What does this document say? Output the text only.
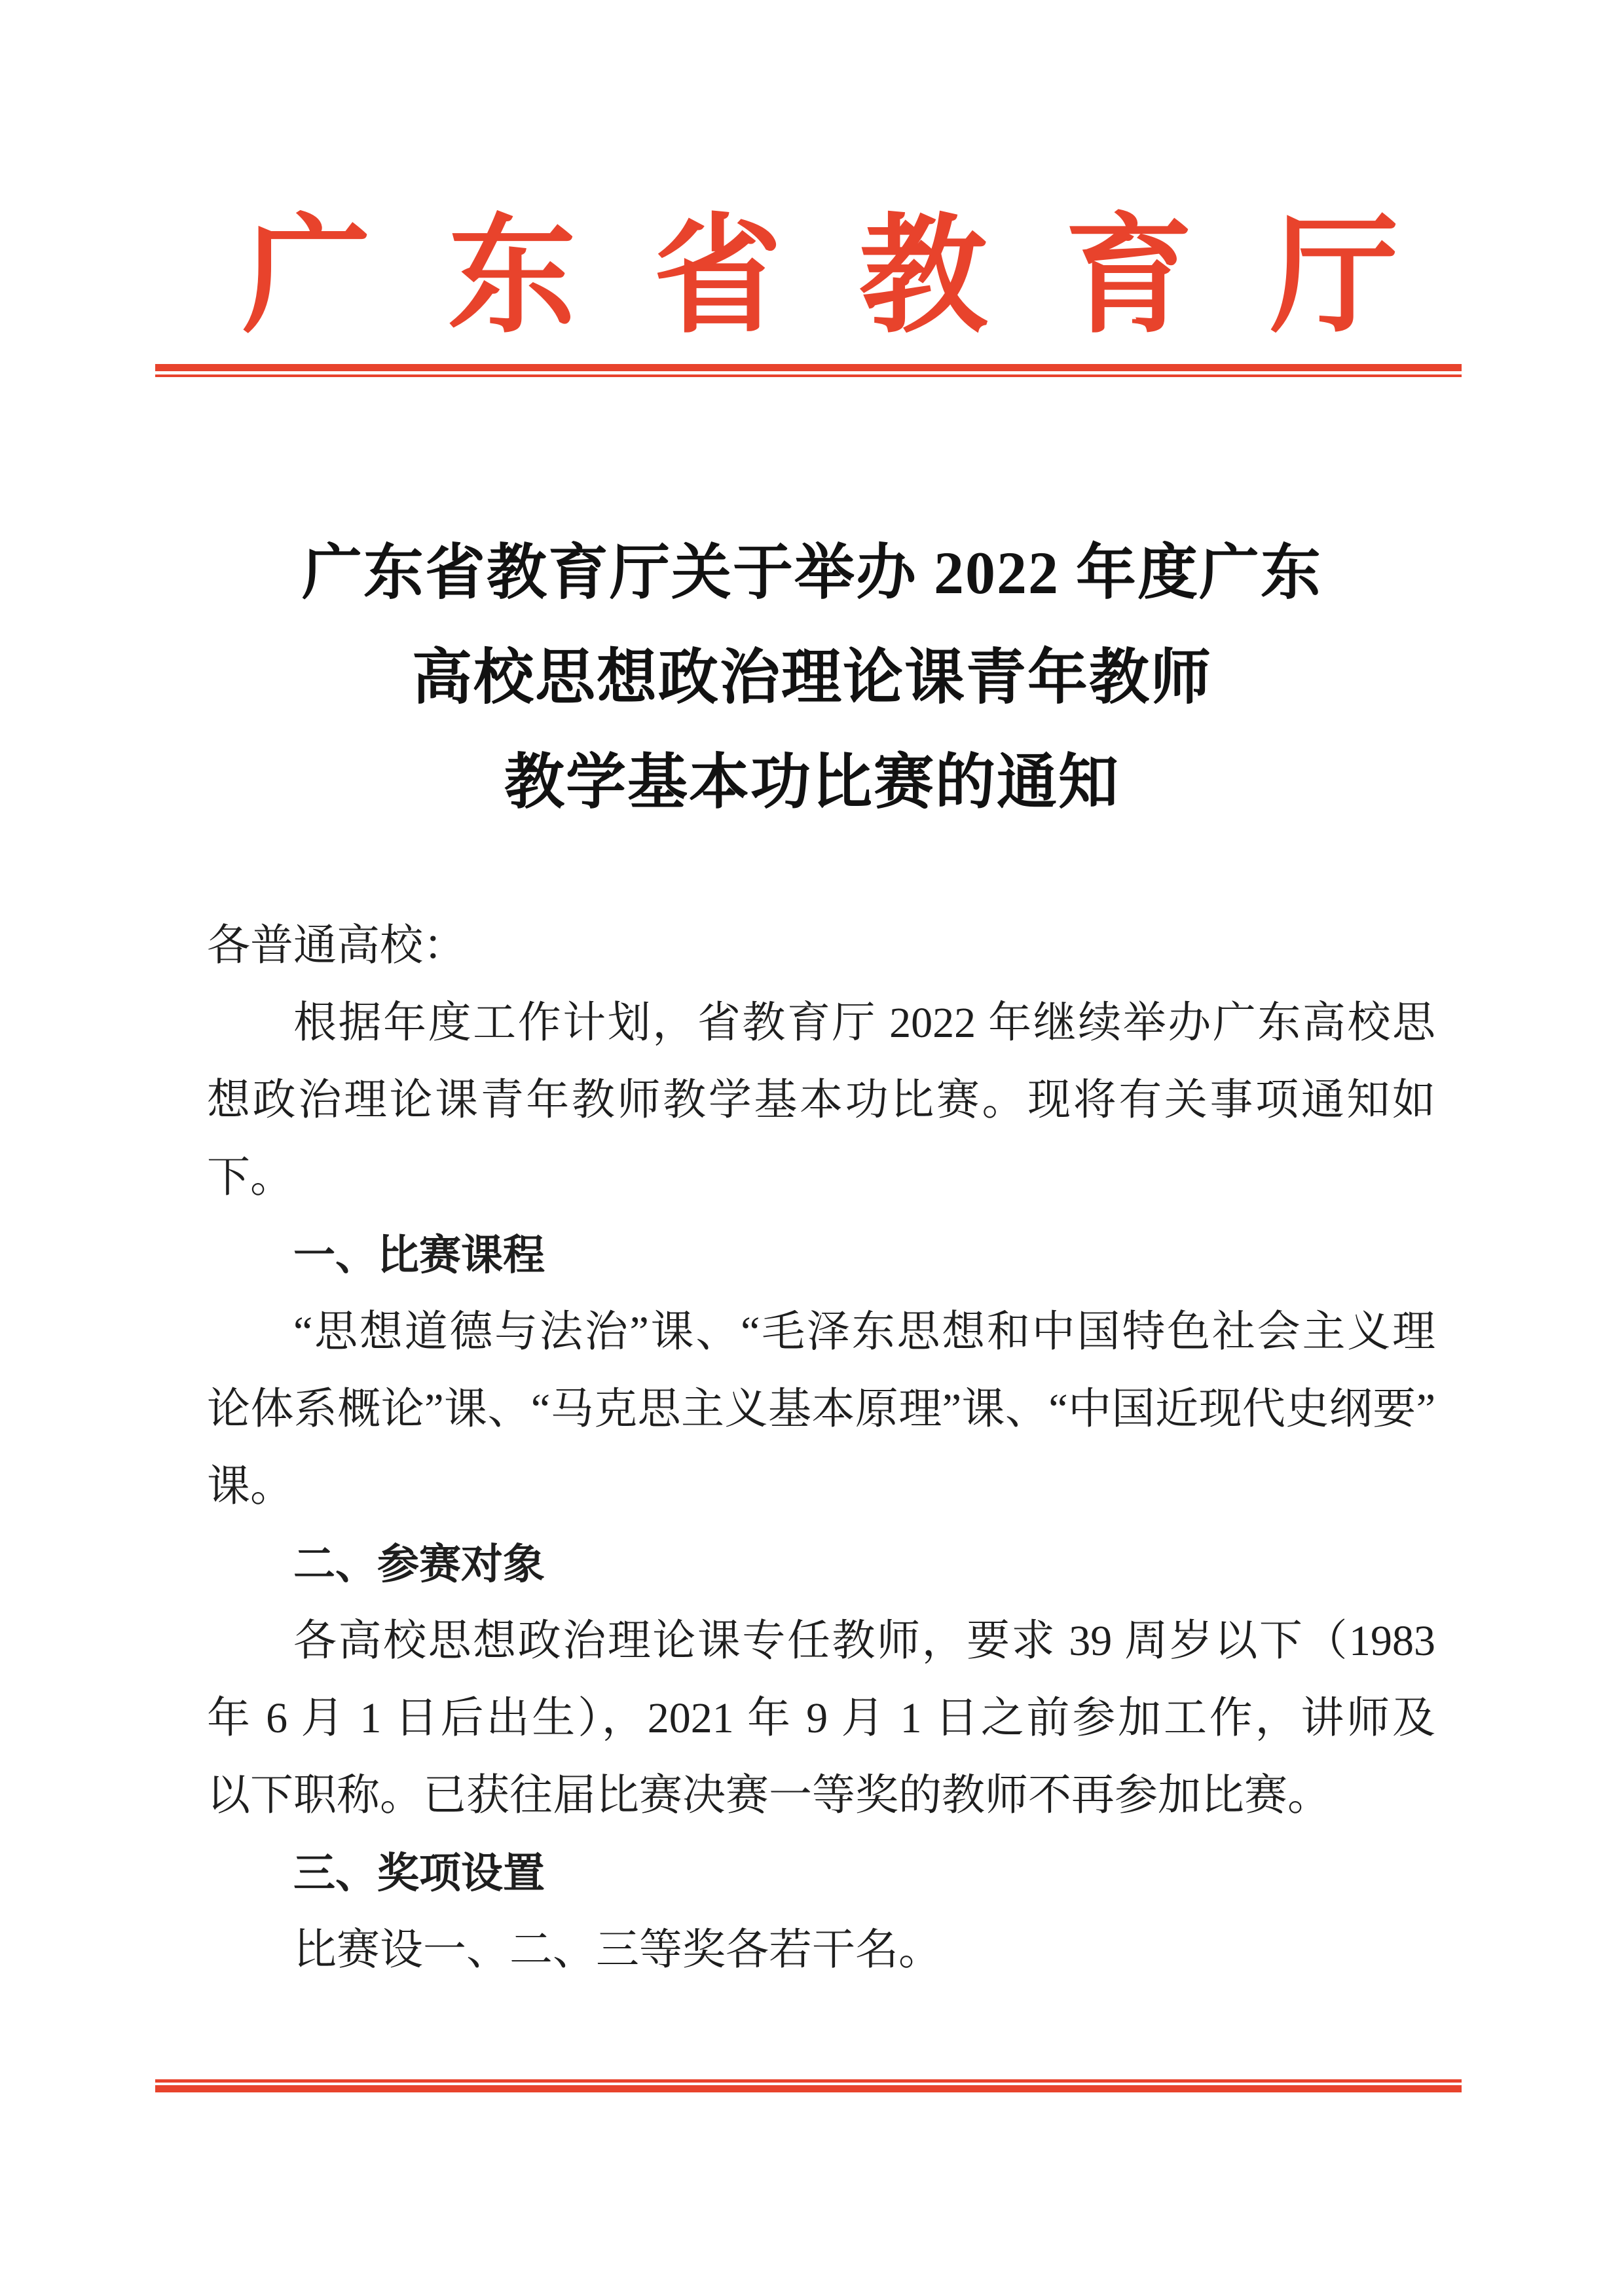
广 东 省 教 育 厅
广东省教育厅关于举办 2022 年度广东
高校思想政治理论课青年教师
教学基本功比赛的通知
各普通高校：
根据年度工作计划，省教育厅 2022 年继续举办广东高校思
想政治理论课青年教师教学基本功比赛。现将有关事项通知如
下。
一、比赛课程
“思想道德与法治”课、“毛泽东思想和中国特色社会主义理
论体系概论”课、“马克思主义基本原理”课、“中国近现代史纲要”
课。
二、参赛对象
各高校思想政治理论课专任教师，要求 39 周岁以下（1983
年 6 月 1 日后出生），2021 年 9 月 1 日之前参加工作，讲师及
以下职称。已获往届比赛决赛一等奖的教师不再参加比赛。
三、奖项设置
比赛设一、二、三等奖各若干名。
